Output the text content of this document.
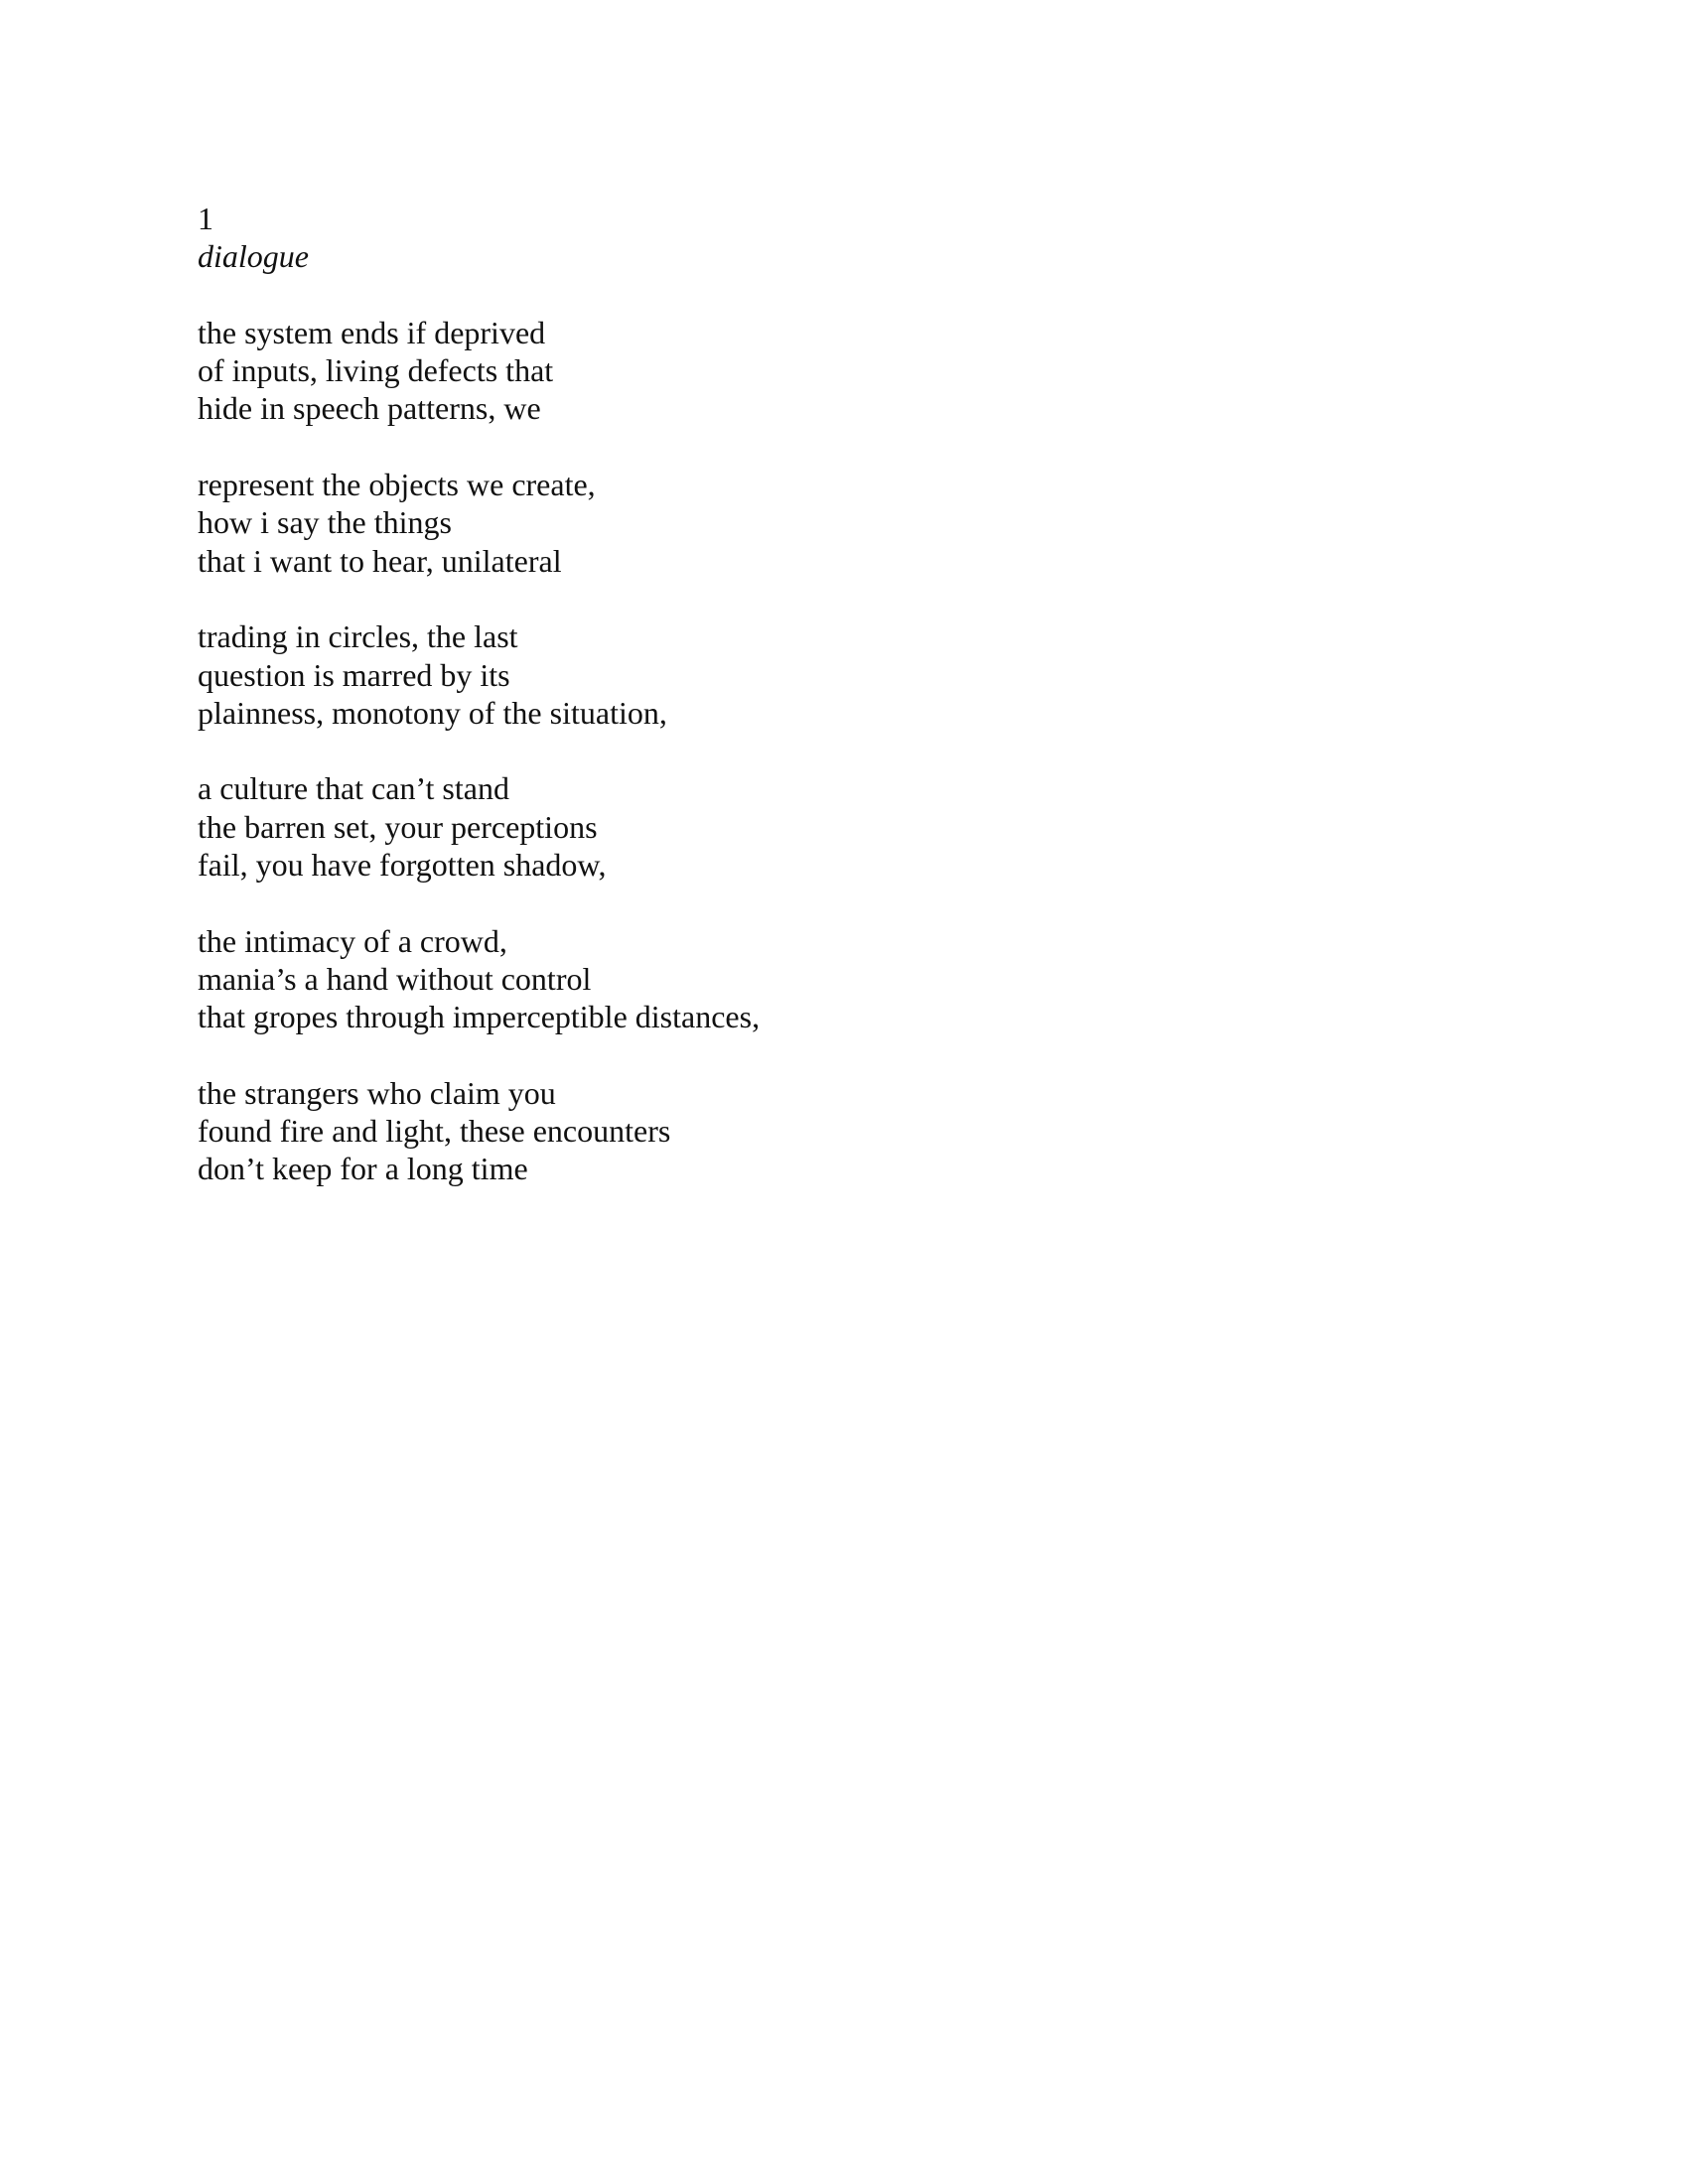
1
dialogue
the system ends if deprived
of inputs, living defects that
hide in speech patterns, we
represent the objects we create,
how i say the things
that i want to hear, unilateral
trading in circles, the last
question is marred by its
plainness, monotony of the situation,
a culture that can’t stand
the barren set, your perceptions
fail, you have forgotten shadow,
the intimacy of a crowd,
mania’s a hand without control
that gropes through imperceptible distances,
the strangers who claim you
found fire and light, these encounters
don’t keep for a long time
